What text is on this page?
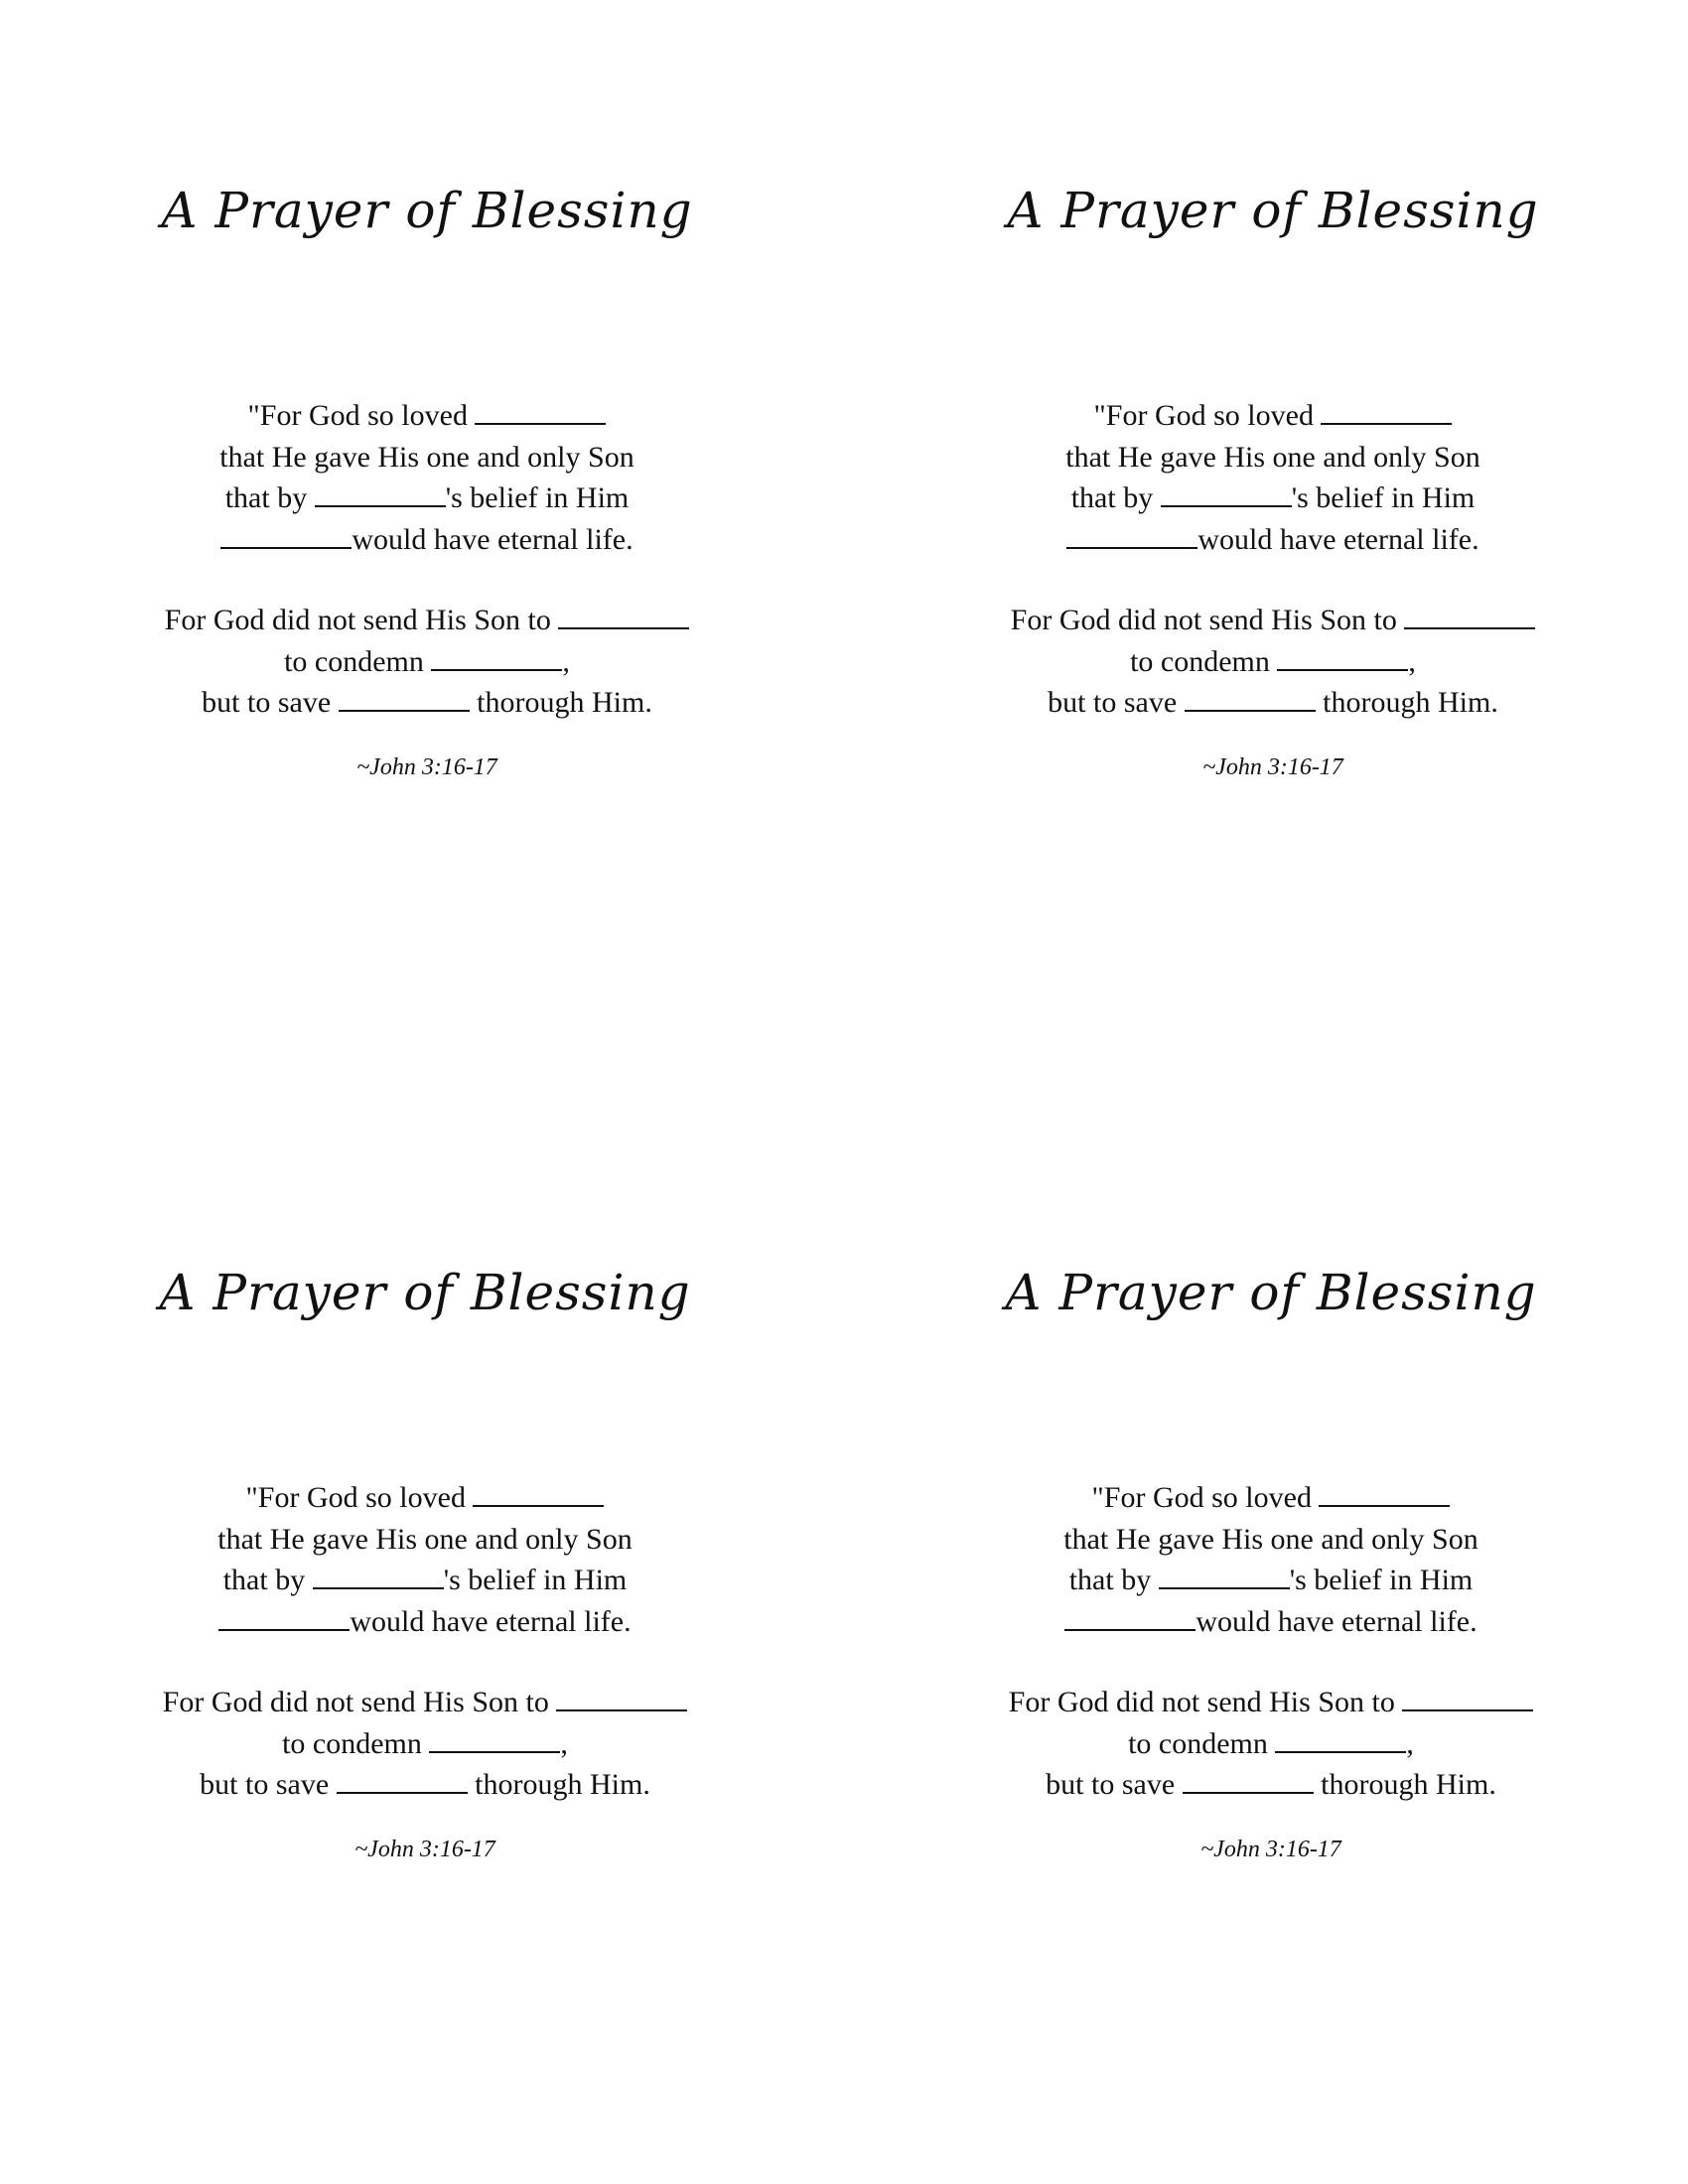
A Prayer of Blessing
"For God so loved
that He gave His one and only Son
that by	's belief in Him
would have eternal life.
For God did not send His Son to
to condemn	,
but to save	thorough Him.
~John 3:16-17
A Prayer of Blessing
"For God so loved
that He gave His one and only Son
that by	's belief in Him
would have eternal life.
For God did not send His Son to
to condemn	,
but to save	thorough Him.
~John 3:16-17
A Prayer of Blessing
"For God so loved
that He gave His one and only Son
that by	's belief in Him
would have eternal life.
For God did not send His Son to
to condemn	,
but to save	thorough Him.
~John 3:16-17
A Prayer of Blessing
"For God so loved
that He gave His one and only Son
that by	's belief in Him
would have eternal life.
For God did not send His Son to
to condemn	,
but to save	thorough Him.
~John 3:16-17
